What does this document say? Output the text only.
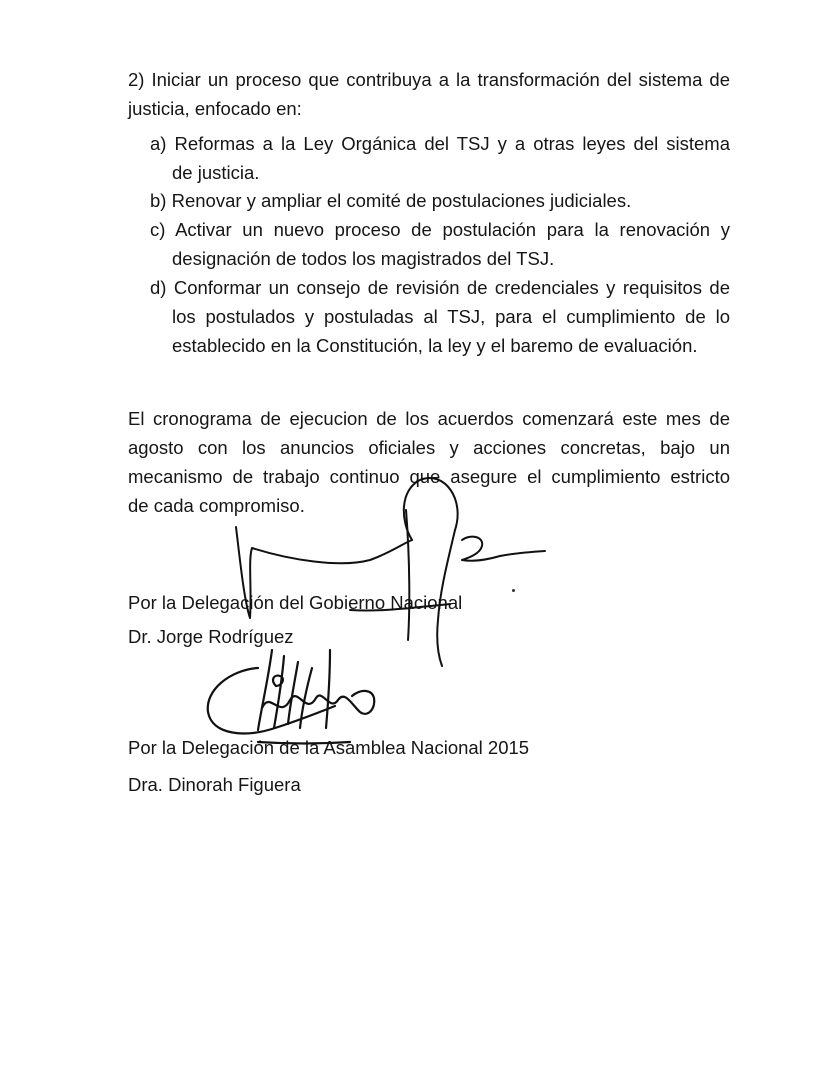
2) Iniciar un proceso que contribuya a la transformación del sistema de
justicia, enfocado en:
a) Reformas a la Ley Orgánica del TSJ y a otras leyes del sistema
de justicia.
b) Renovar y ampliar el comité de postulaciones judiciales.
c) Activar un nuevo proceso de postulación para la renovación y
designación de todos los magistrados del TSJ.
d) Conformar un consejo de revisión de credenciales y requisitos de
los postulados y postuladas al TSJ, para el cumplimiento de lo
establecido en la Constitución, la ley y el baremo de evaluación.
El cronograma de ejecucion de los acuerdos comenzará este mes de
agosto con los anuncios oficiales y acciones concretas, bajo un
mecanismo de trabajo continuo que asegure el cumplimiento estricto
de cada compromiso.
Por la Delegación del Gobierno Nacional
Dr. Jorge Rodríguez
Por la Delegación de la Asamblea Nacional 2015
Dra. Dinorah Figuera
